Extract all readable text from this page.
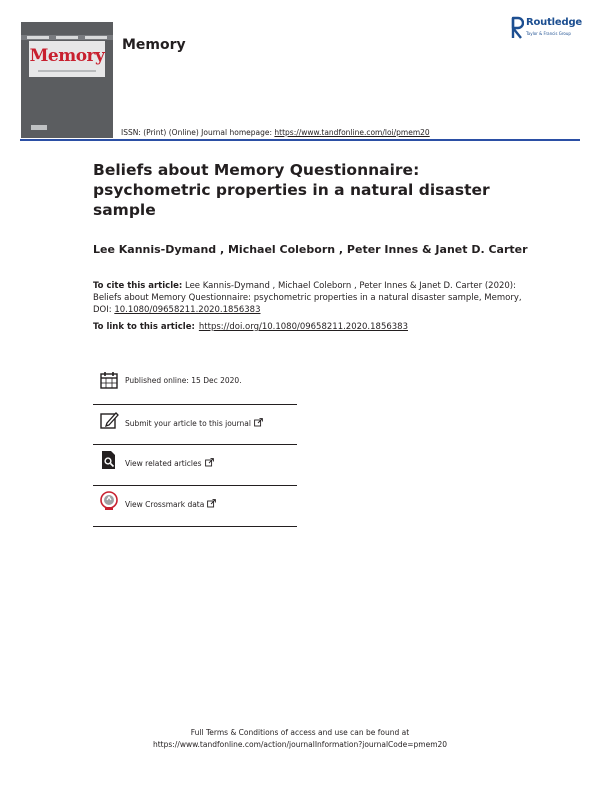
Memory
Memory
Routledge
Taylor & Francis Group
ISSN: (Print) (Online) Journal homepage: https://www.tandfonline.com/loi/pmem20
Beliefs about Memory Questionnaire: psychometric properties in a natural disaster sample
Lee Kannis-Dymand , Michael Coleborn , Peter Innes & Janet D. Carter
To cite this article: Lee Kannis-Dymand , Michael Coleborn , Peter Innes & Janet D. Carter (2020): Beliefs about Memory Questionnaire: psychometric properties in a natural disaster sample, Memory, DOI: 10.1080/09658211.2020.1856383
To link to this article: https://doi.org/10.1080/09658211.2020.1856383
Published online: 15 Dec 2020.
Submit your article to this journal
View related articles
View Crossmark data
Full Terms & Conditions of access and use can be found at
https://www.tandfonline.com/action/journalInformation?journalCode=pmem20
